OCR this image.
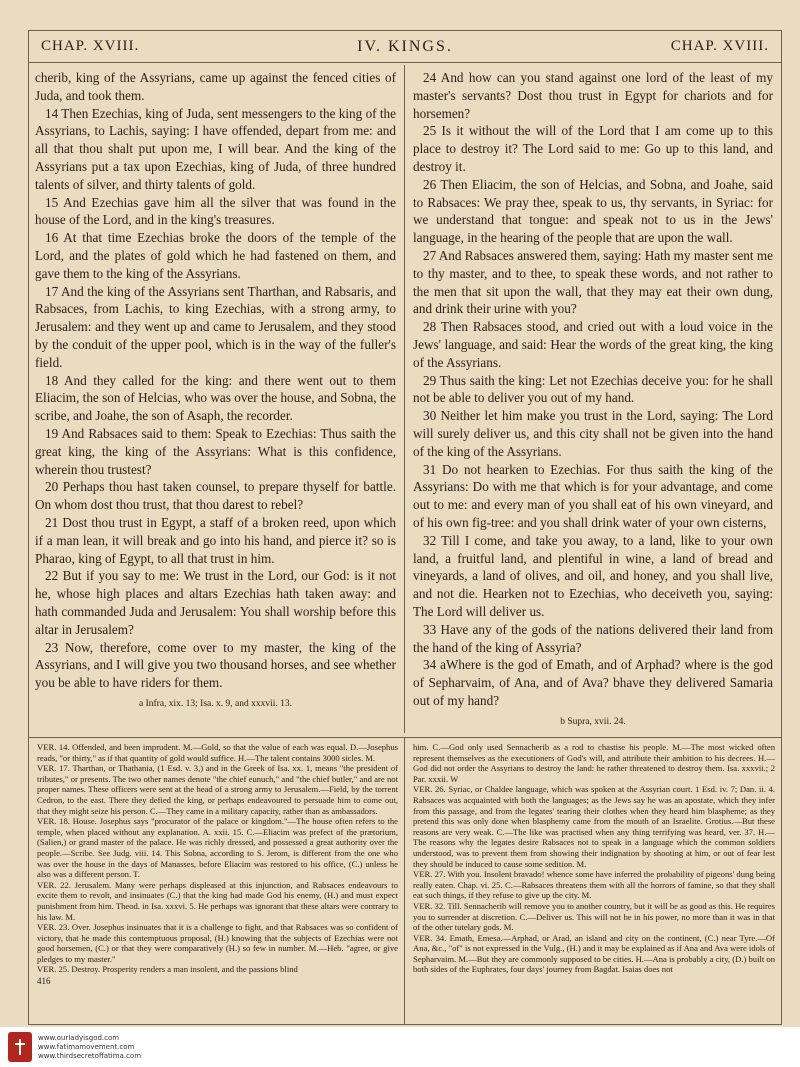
CHAP. XVIII.	IV. KINGS.	CHAP. XVIII.

cherib, king of the Assyrians, came up against the fenced cities of Juda, and took them.

14 Then Ezechias, king of Juda, sent messengers to the king of the Assyrians, to Lachis, saying: I have offended, depart from me: and all that thou shalt put upon me, I will bear. And the king of the Assyrians put a tax upon Ezechias, king of Juda, of three hundred talents of silver, and thirty talents of gold.

15 And Ezechias gave him all the silver that was found in the house of the Lord, and in the king's treasures.

16 At that time Ezechias broke the doors of the temple of the Lord, and the plates of gold which he had fastened on them, and gave them to the king of the Assyrians.

17 And the king of the Assyrians sent Tharthan, and Rabsaris, and Rabsaces, from Lachis, to king Ezechias, with a strong army, to Jerusalem: and they went up and came to Jerusalem, and they stood by the conduit of the upper pool, which is in the way of the fuller's field.

18 And they called for the king: and there went out to them Eliacim, the son of Helcias, who was over the house, and Sobna, the scribe, and Joahe, the son of Asaph, the recorder.

19 And Rabsaces said to them: Speak to Ezechias: Thus saith the great king, the king of the Assyrians: What is this confidence, wherein thou trustest?

20 Perhaps thou hast taken counsel, to prepare thyself for battle. On whom dost thou trust, that thou darest to rebel?

21 Dost thou trust in Egypt, a staff of a broken reed, upon which if a man lean, it will break and go into his hand, and pierce it? so is Pharao, king of Egypt, to all that trust in him.

22 But if you say to me: We trust in the Lord, our God: is it not he, whose high places and altars Ezechias hath taken away: and hath commanded Juda and Jerusalem: You shall worship before this altar in Jerusalem?

23 Now, therefore, come over to my master, the king of the Assyrians, and I will give you two thousand horses, and see whether you be able to have riders for them.

a Infra, xix. 13; Isa. x. 9, and xxxvii. 13.

24 And how can you stand against one lord of the least of my master's servants? Dost thou trust in Egypt for chariots and for horsemen?

25 Is it without the will of the Lord that I am come up to this place to destroy it? The Lord said to me: Go up to this land, and destroy it.

26 Then Eliacim, the son of Helcias, and Sobna, and Joahe, said to Rabsaces: We pray thee, speak to us, thy servants, in Syriac: for we understand that tongue: and speak not to us in the Jews' language, in the hearing of the people that are upon the wall.

27 And Rabsaces answered them, saying: Hath my master sent me to thy master, and to thee, to speak these words, and not rather to the men that sit upon the wall, that they may eat their own dung, and drink their urine with you?

28 Then Rabsaces stood, and cried out with a loud voice in the Jews' language, and said: Hear the words of the great king, the king of the Assyrians.

29 Thus saith the king: Let not Ezechias deceive you: for he shall not be able to deliver you out of my hand.

30 Neither let him make you trust in the Lord, saying: The Lord will surely deliver us, and this city shall not be given into the hand of the king of the Assyrians.

31 Do not hearken to Ezechias. For thus saith the king of the Assyrians: Do with me that which is for your advantage, and come out to me: and every man of you shall eat of his own vineyard, and of his own fig-tree: and you shall drink water of your own cisterns,

32 Till I come, and take you away, to a land, like to your own land, a fruitful land, and plentiful in wine, a land of bread and vineyards, a land of olives, and oil, and honey, and you shall live, and not die. Hearken not to Ezechias, who deceiveth you, saying: The Lord will deliver us.

33 Have any of the gods of the nations delivered their land from the hand of the king of Assyria?

34 aWhere is the god of Emath, and of Arphad? where is the god of Sepharvaim, of Ana, and of Ava? bhave they delivered Samaria out of my hand?

b Supra, xvii. 24.

VER. 14. Offended, and been imprudent. M.—Gold, so that the value of each was equal. D.—Josephus reads, "or thirty," as if that quantity of gold would suffice. H.—The talent contains 3000 sicles. M.

VER. 17. Tharthan, or Thathania, (1 Esd. v. 3,) and in the Greek of Isa. xx. 1, means "the president of tributes," or presents. The two other names denote "the chief eunuch," and "the chief butler," and are not proper names. These officers were sent at the head of a strong army to Jerusalem.—Field, by the torrent Cedron, to the east. There they defied the king, or perhaps endeavoured to persuade him to come out, that they might seize his person. C.—They came in a military capacity, rather than as ambassadors.

VER. 18. House. Josephus says "procurator of the palace or kingdom."—The house often refers to the temple, when placed without any explanation. A. xxii. 15. C.—Eliacim was prefect of the prætorium, (Salien,) or grand master of the palace. He was richly dressed, and possessed a great authority over the people.—Scribe. See Judg. viii. 14. This Sobna, according to S. Jerom, is different from the one who was over the house in the days of Manasses, before Eliacim was restored to his office, (C.) unless he also was a different person. T.

VER. 22. Jerusalem. Many were perhaps displeased at this injunction, and Rabsaces endeavours to excite them to revolt, and insinuates (C.) that the king had made God his enemy, (H.) and must expect punishment from him. Theod. in Isa. xxxvi. 5. He perhaps was ignorant that these altars were contrary to his law. M.

VER. 23. Over. Josephus insinuates that it is a challenge to fight, and that Rabsaces was so confident of victory, that he made this contemptuous proposal, (H.) knowing that the subjects of Ezechias were not good horsemen, (C.) or that they were comparatively (H.) so few in number. M.—Heb. "agree, or give pledges to my master."

VER. 25. Destroy. Prosperity renders a man insolent, and the passions blind

416

him. C.—God only used Sennacherib as a rod to chastise his people. M.—The most wicked often represent themselves as the executioners of God's will, and attribute their ambition to his decrees. H.—God did not order the Assyrians to destroy the land: he rather threatened to destroy them. Isa. xxxvii.; 2 Par. xxxii. W

VER. 26. Syriac, or Chaldee language, which was spoken at the Assyrian court. 1 Esd. iv. 7; Dan. ii. 4. Rabsaces was acquainted with both the languages; as the Jews say he was an apostate, which they infer from this passage, and from the legates' tearing their clothes when they heard him blaspheme; as they pretend this was only done when blasphemy came from the mouth of an Israelite. Grotius.—But these reasons are very weak. C.—The like was practised when any thing terrifying was heard, ver. 37. H.—The reasons why the legates desire Rabsaces not to speak in a language which the common soldiers understood, was to prevent them from showing their indignation by shooting at him, or out of fear lest they should be induced to cause some sedition. M.

VER. 27. With you. Insolent bravado! whence some have inferred the probability of pigeons' dung being really eaten. Chap. vi. 25. C.—Rabsaces threatens them with all the horrors of famine, so that they shall eat such things, if they refuse to give up the city. M.

VER. 32. Till. Sennacherib will remove you to another country, but it will be as good as this. He requires you to surrender at discretion. C.—Deliver us. This will not be in his power, no more than it was in that of the other tutelary gods. M.

VER. 34. Emath, Emesa.—Arphad, or Arad, an island and city on the continent, (C.) near Tyre.—Of Ana, &c., "of" is not expressed in the Vulg., (H.) and it may be explained as if Ana and Ava were idols of Sepharvaim. M.—But they are commonly supposed to be cities. H.—Ana is probably a city, (D.) built on both sides of the Euphrates, four days' journey from Bagdat. Isaias does not

www.ourladyisgod.com
www.fatimamovement.com
www.thirdsecretoffatima.com
